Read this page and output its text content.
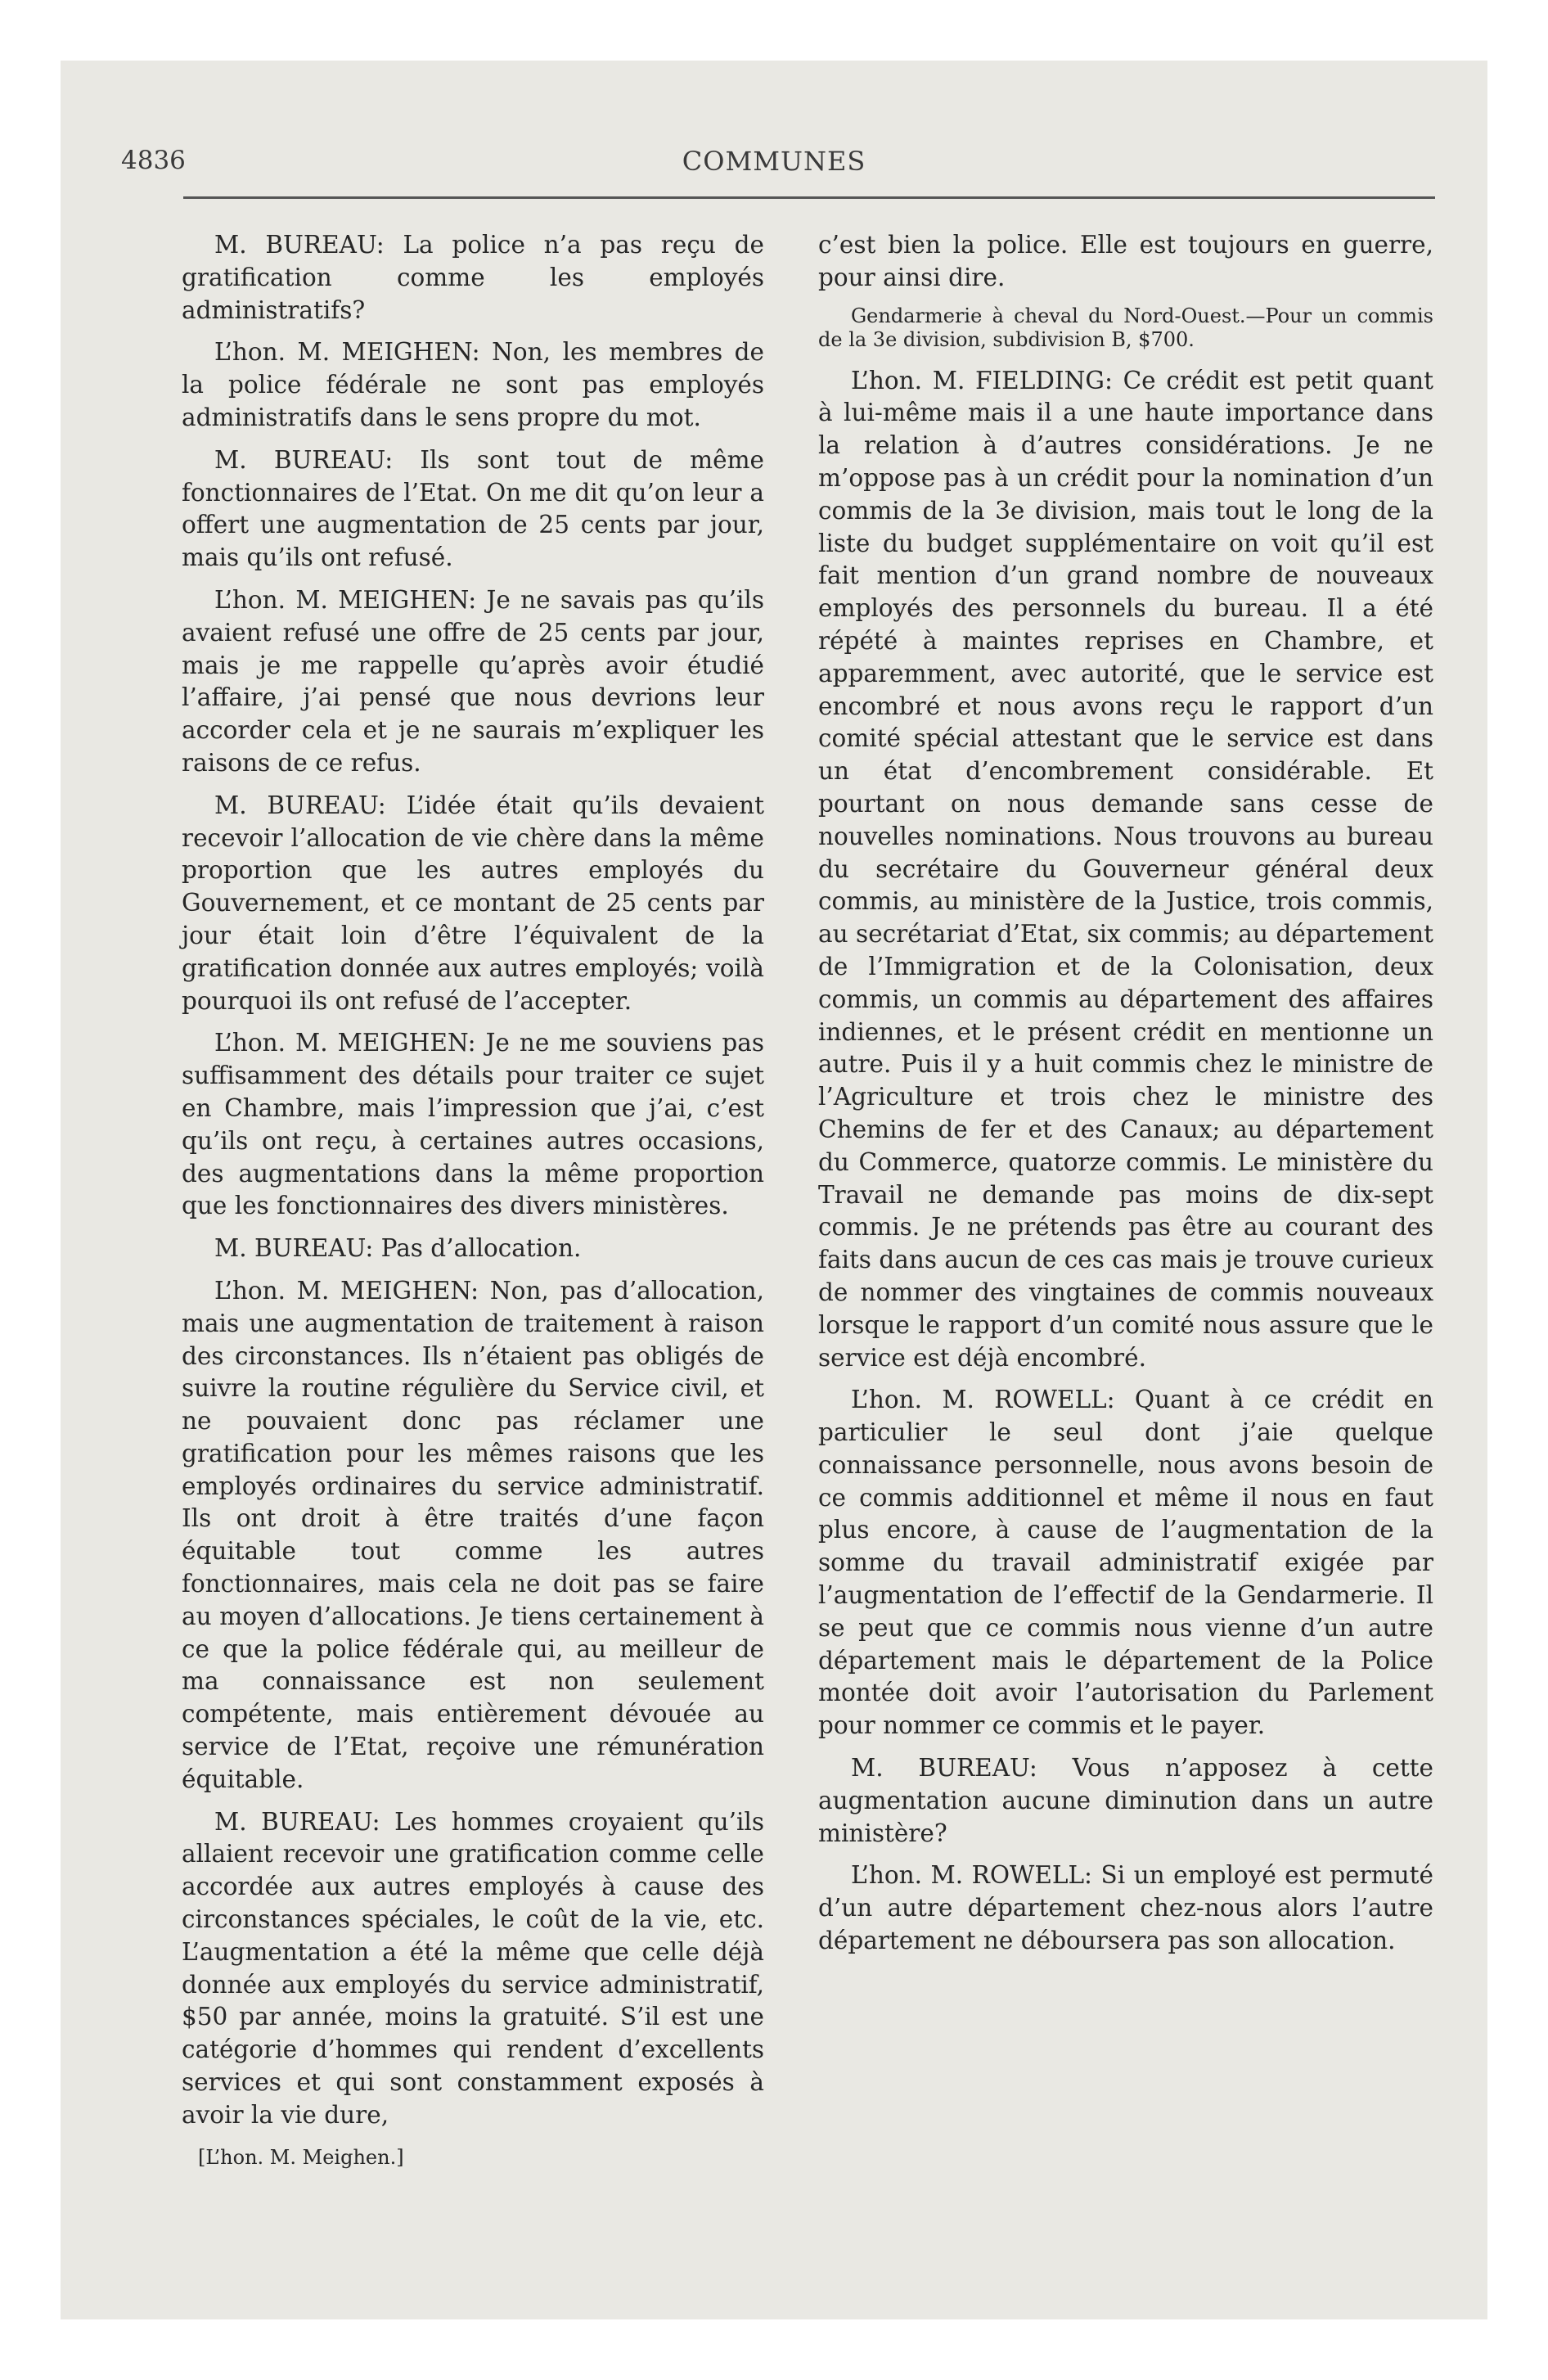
4836	COMMUNES

M. BUREAU: La police n’a pas reçu de gratification comme les employés administratifs?

L’hon. M. MEIGHEN: Non, les membres de la police fédérale ne sont pas employés administratifs dans le sens propre du mot.

M. BUREAU: Ils sont tout de même fonctionnaires de l’Etat. On me dit qu’on leur a offert une augmentation de 25 cents par jour, mais qu’ils ont refusé.

L’hon. M. MEIGHEN: Je ne savais pas qu’ils avaient refusé une offre de 25 cents par jour, mais je me rappelle qu’après avoir étudié l’affaire, j’ai pensé que nous devrions leur accorder cela et je ne saurais m’expliquer les raisons de ce refus.

M. BUREAU: L’idée était qu’ils devaient recevoir l’allocation de vie chère dans la même proportion que les autres employés du Gouvernement, et ce montant de 25 cents par jour était loin d’être l’équivalent de la gratification donnée aux autres employés; voilà pourquoi ils ont refusé de l’accepter.

L’hon. M. MEIGHEN: Je ne me souviens pas suffisamment des détails pour traiter ce sujet en Chambre, mais l’impression que j’ai, c’est qu’ils ont reçu, à certaines autres occasions, des augmentations dans la même proportion que les fonctionnaires des divers ministères.

M. BUREAU: Pas d’allocation.

L’hon. M. MEIGHEN: Non, pas d’allocation, mais une augmentation de traitement à raison des circonstances. Ils n’étaient pas obligés de suivre la routine régulière du Service civil, et ne pouvaient donc pas réclamer une gratification pour les mêmes raisons que les employés ordinaires du service administratif. Ils ont droit à être traités d’une façon équitable tout comme les autres fonctionnaires, mais cela ne doit pas se faire au moyen d’allocations. Je tiens certainement à ce que la police fédérale qui, au meilleur de ma connaissance est non seulement compétente, mais entièrement dévouée au service de l’Etat, reçoive une rémunération équitable.

M. BUREAU: Les hommes croyaient qu’ils allaient recevoir une gratification comme celle accordée aux autres employés à cause des circonstances spéciales, le coût de la vie, etc. L’augmentation a été la même que celle déjà donnée aux employés du service administratif, $50 par année, moins la gratuité. S’il est une catégorie d’hommes qui rendent d’excellents services et qui sont constamment exposés à avoir la vie dure,

[L’hon. M. Meighen.]

c’est bien la police. Elle est toujours en guerre, pour ainsi dire.

Gendarmerie à cheval du Nord-Ouest.—Pour un commis de la 3e division, subdivision B, $700.

L’hon. M. FIELDING: Ce crédit est petit quant à lui-même mais il a une haute importance dans la relation à d’autres considérations. Je ne m’oppose pas à un crédit pour la nomination d’un commis de la 3e division, mais tout le long de la liste du budget supplémentaire on voit qu’il est fait mention d’un grand nombre de nouveaux employés des personnels du bureau. Il a été répété à maintes reprises en Chambre, et apparemment, avec autorité, que le service est encombré et nous avons reçu le rapport d’un comité spécial attestant que le service est dans un état d’encombrement considérable. Et pourtant on nous demande sans cesse de nouvelles nominations. Nous trouvons au bureau du secrétaire du Gouverneur général deux commis, au ministère de la Justice, trois commis, au secrétariat d’Etat, six commis; au département de l’Immigration et de la Colonisation, deux commis, un commis au département des affaires indiennes, et le présent crédit en mentionne un autre. Puis il y a huit commis chez le ministre de l’Agriculture et trois chez le ministre des Chemins de fer et des Canaux; au département du Commerce, quatorze commis. Le ministère du Travail ne demande pas moins de dix-sept commis. Je ne prétends pas être au courant des faits dans aucun de ces cas mais je trouve curieux de nommer des vingtaines de commis nouveaux lorsque le rapport d’un comité nous assure que le service est déjà encombré.

L’hon. M. ROWELL: Quant à ce crédit en particulier le seul dont j’aie quelque connaissance personnelle, nous avons besoin de ce commis additionnel et même il nous en faut plus encore, à cause de l’augmentation de la somme du travail administratif exigée par l’augmentation de l’effectif de la Gendarmerie. Il se peut que ce commis nous vienne d’un autre département mais le département de la Police montée doit avoir l’autorisation du Parlement pour nommer ce commis et le payer.

M. BUREAU: Vous n’apposez à cette augmentation aucune diminution dans un autre ministère?

L’hon. M. ROWELL: Si un employé est permuté d’un autre département chez-nous alors l’autre département ne déboursera pas son allocation.
